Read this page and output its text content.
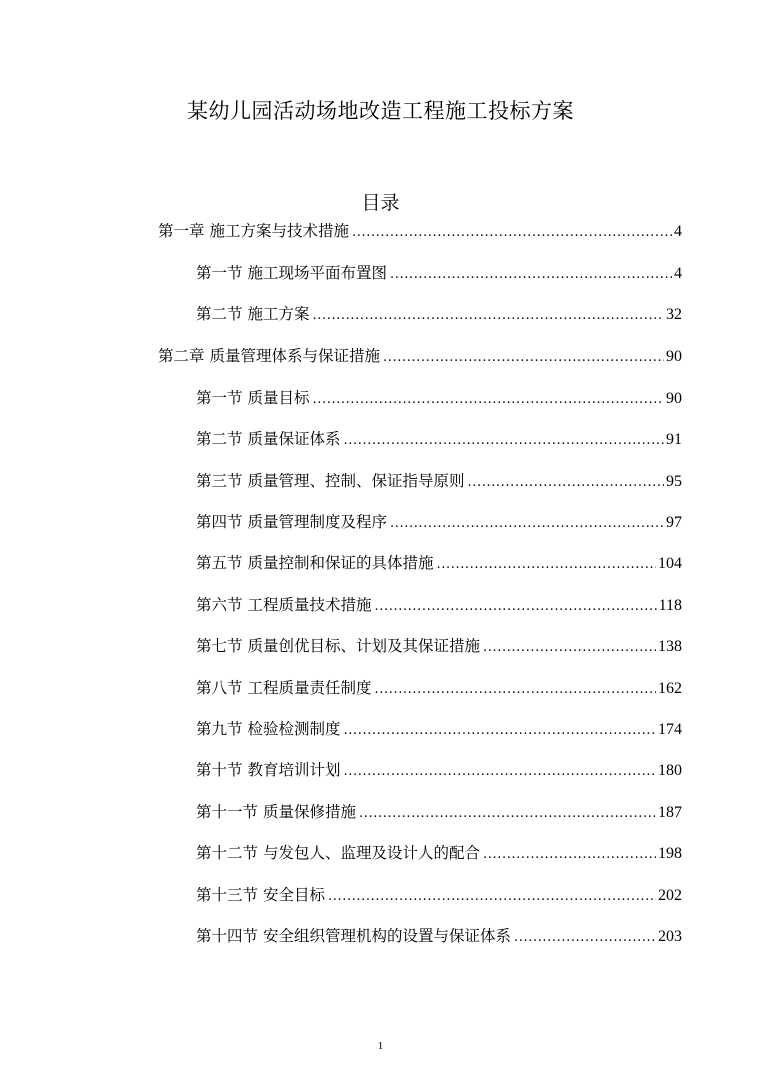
某幼儿园活动场地改造工程施工投标方案
目录
第一章 施工方案与技术措施 .....	4
第一节 施工现场平面布置图 .....	4
第二节 施工方案 .....	32
第二章 质量管理体系与保证措施 .....	90
第一节 质量目标 .....	90
第二节 质量保证体系 .....	91
第三节 质量管理、控制、保证指导原则 .....	95
第四节 质量管理制度及程序 .....	97
第五节 质量控制和保证的具体措施 .....	104
第六节 工程质量技术措施 .....	118
第七节 质量创优目标、计划及其保证措施 .....	138
第八节 工程质量责任制度 .....	162
第九节 检验检测制度 .....	174
第十节 教育培训计划 .....	180
第十一节 质量保修措施 .....	187
第十二节 与发包人、监理及设计人的配合 .....	198
第十三节 安全目标 .....	202
第十四节 安全组织管理机构的设置与保证体系 .....	203
1
